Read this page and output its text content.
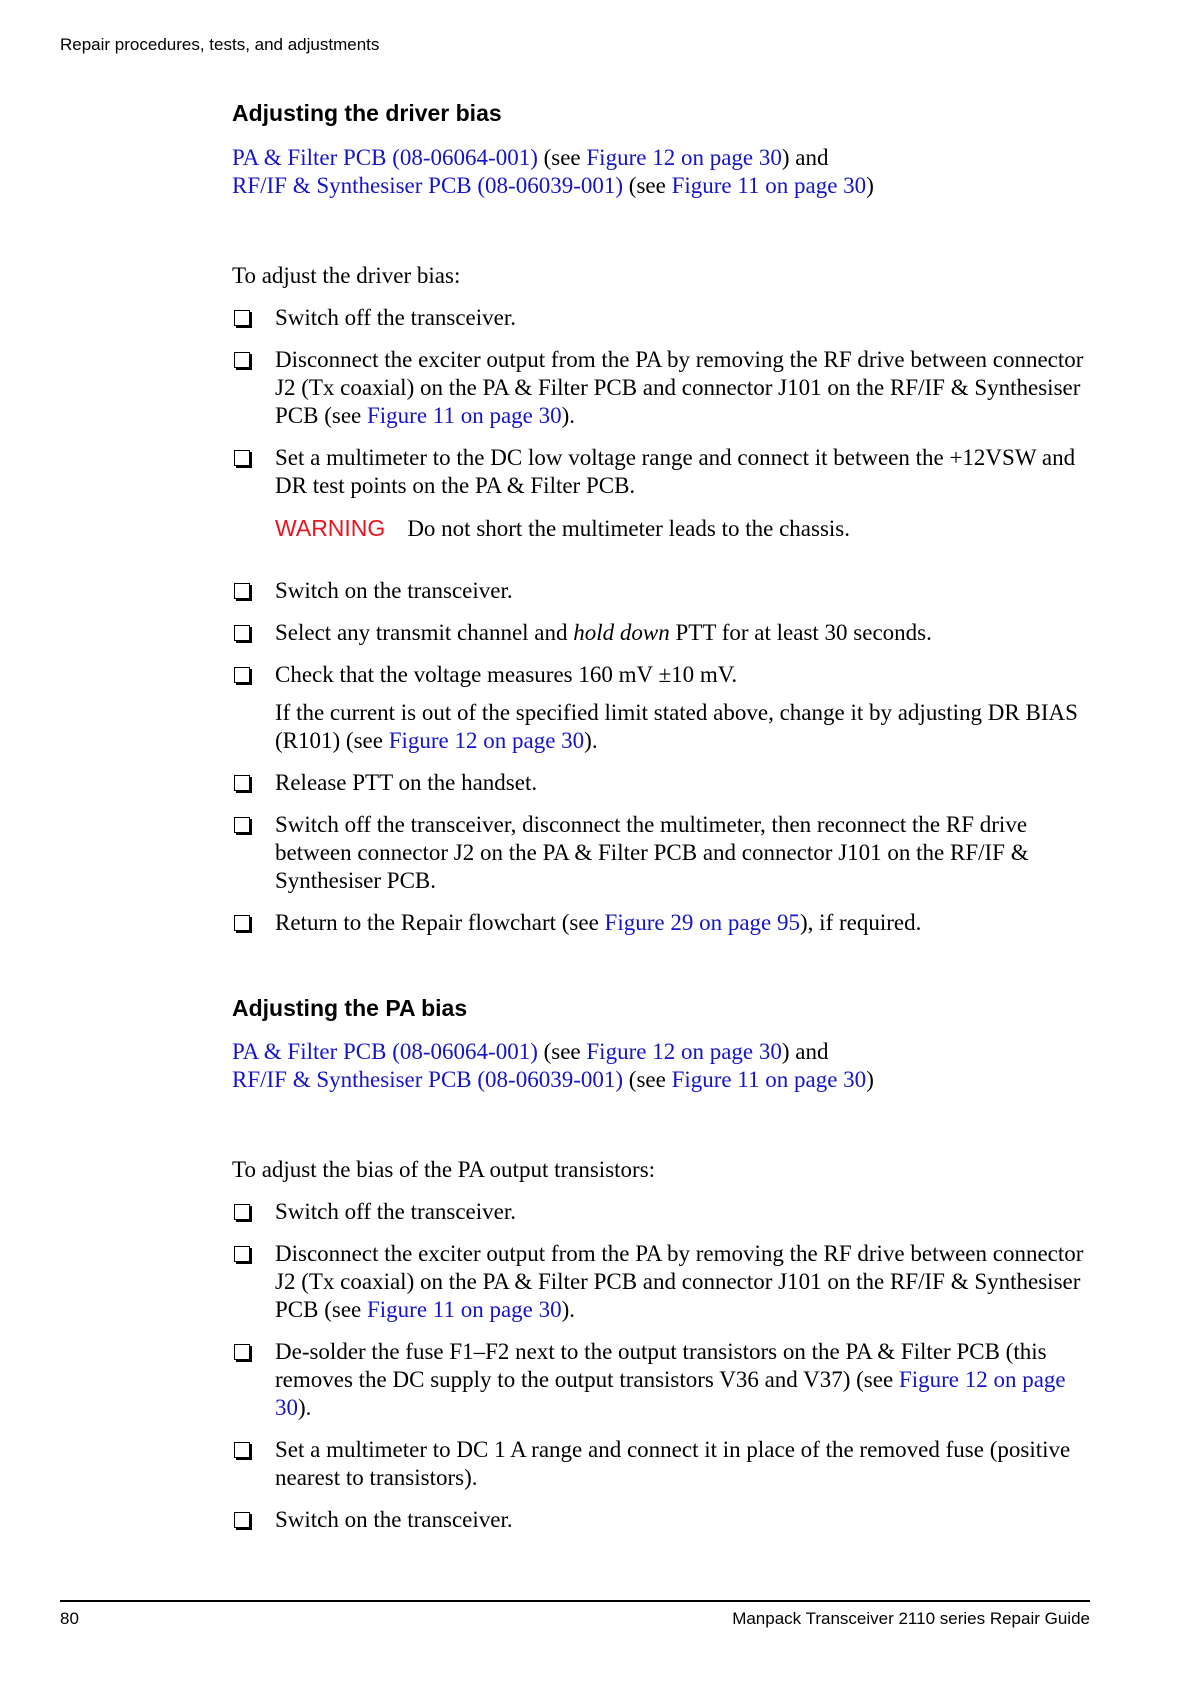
Repair procedures, tests, and adjustments
Adjusting the driver bias

PA & Filter PCB (08-06064-001) (see Figure 12 on page 30) and
RF/IF & Synthesiser PCB (08-06039-001) (see Figure 11 on page 30)

To adjust the driver bias:

Switch off the transceiver.
Disconnect the exciter output from the PA by removing the RF drive between connector J2 (Tx coaxial) on the PA & Filter PCB and connector J101 on the RF/IF & Synthesiser PCB (see Figure 11 on page 30).
Set a multimeter to the DC low voltage range and connect it between the +12VSW and DR test points on the PA & Filter PCB.

WARNING Do not short the multimeter leads to the chassis.

Switch on the transceiver.
Select any transmit channel and hold down PTT for at least 30 seconds.
Check that the voltage measures 160 mV ±10 mV.

If the current is out of the specified limit stated above, change it by adjusting DR BIAS (R101) (see Figure 12 on page 30).

Release PTT on the handset.
Switch off the transceiver, disconnect the multimeter, then reconnect the RF drive between connector J2 on the PA & Filter PCB and connector J101 on the RF/IF & Synthesiser PCB.
Return to the Repair flowchart (see Figure 29 on page 95), if required.
Adjusting the PA bias

PA & Filter PCB (08-06064-001) (see Figure 12 on page 30) and
RF/IF & Synthesiser PCB (08-06039-001) (see Figure 11 on page 30)

To adjust the bias of the PA output transistors:

Switch off the transceiver.
Disconnect the exciter output from the PA by removing the RF drive between connector J2 (Tx coaxial) on the PA & Filter PCB and connector J101 on the RF/IF & Synthesiser PCB (see Figure 11 on page 30).
De-solder the fuse F1–F2 next to the output transistors on the PA & Filter PCB (this removes the DC supply to the output transistors V36 and V37) (see Figure 12 on page 30).
Set a multimeter to DC 1 A range and connect it in place of the removed fuse (positive nearest to transistors).
Switch on the transceiver.
80	Manpack Transceiver 2110 series Repair Guide
